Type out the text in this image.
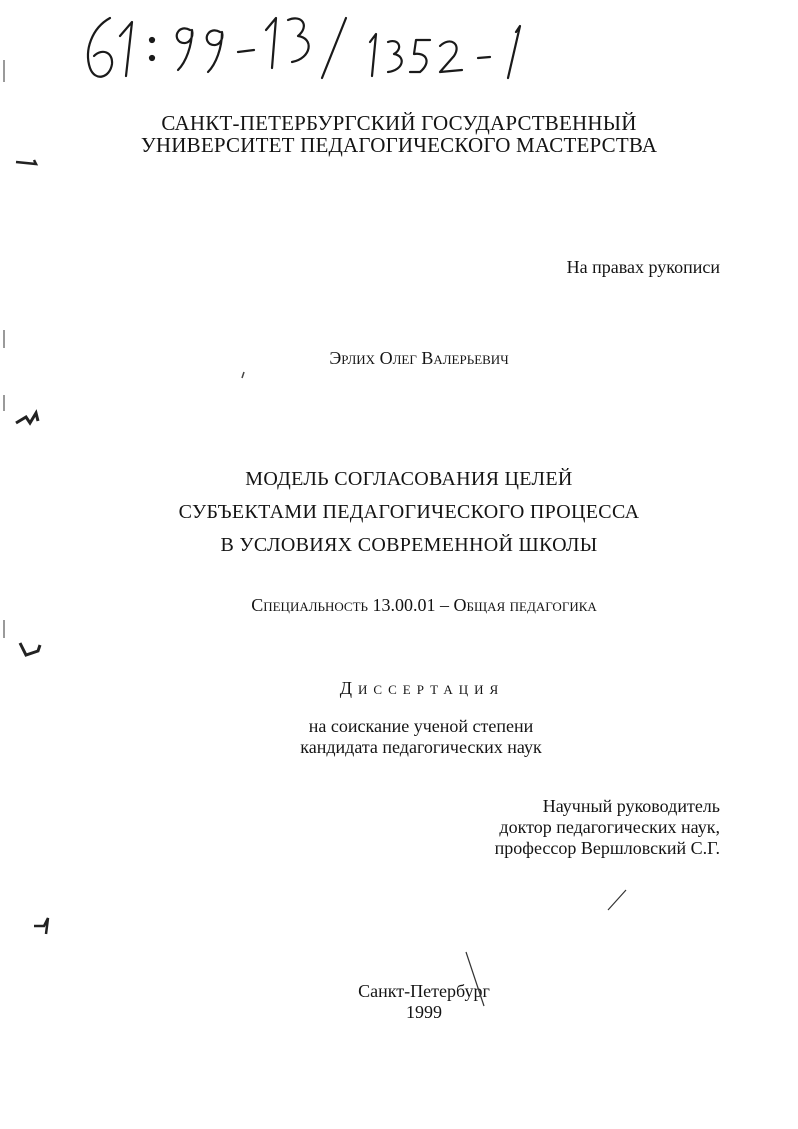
САНКТ-ПЕТЕРБУРГСКИЙ ГОСУДАРСТВЕННЫЙ
УНИВЕРСИТЕТ ПЕДАГОГИЧЕСКОГО МАСТЕРСТВА
На правах рукописи
Эрлих Олег Валерьевич
МОДЕЛЬ СОГЛАСОВАНИЯ ЦЕЛЕЙ
СУБЪЕКТАМИ ПЕДАГОГИЧЕСКОГО ПРОЦЕССА
В УСЛОВИЯХ СОВРЕМЕННОЙ ШКОЛЫ
Специальность 13.00.01 – Общая педагогика
Диссертация
на соискание ученой степени
кандидата педагогических наук
Научный руководитель
доктор педагогических наук,
профессор Вершловский С.Г.
Санкт-Петербург
1999
